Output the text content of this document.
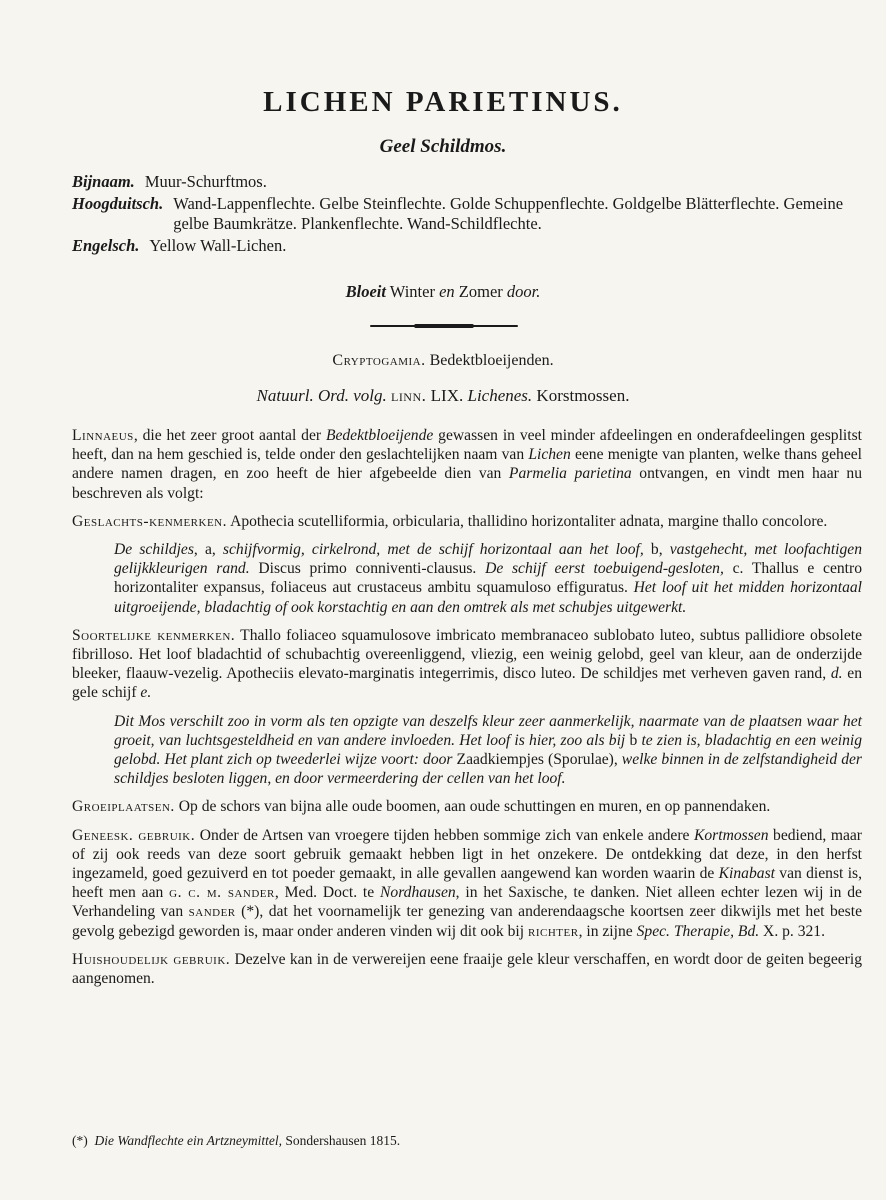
LICHEN PARIETINUS.
Geel Schildmos.
Bijnaam. Muur-Schurftmos.
Hoogduitsch. Wand-Lappenflechte. Gelbe Steinflechte. Golde Schuppenflechte. Goldgelbe Blätterflechte. Gemeine gelbe Baumkrätze. Plankenflechte. Wand-Schildflechte.
Engelsch. Yellow Wall-Lichen.
Bloeit Winter en Zomer door.
Cryptogamia. Bedektbloeijenden.
Natuurl. Ord. volg. linn. LIX. Lichenes. Korstmossen.

Linnaeus, die het zeer groot aantal der Bedektbloeijende gewassen in veel minder afdeelingen en onderafdeelingen gesplitst heeft, dan na hem geschied is, telde onder den geslachtelijken naam van Lichen eene menigte van planten, welke thans geheel andere namen dragen, en zoo heeft de hier afgebeelde dien van Parmelia parietina ontvangen, en vindt men haar nu beschreven als volgt:

Geslachts-kenmerken. Apothecia scutelliformia, orbicularia, thallidino horizontaliter adnata, margine thallo concolore.

De schildjes, a, schijfvormig, cirkelrond, met de schijf horizontaal aan het loof, b, vastgehecht, met loofachtigen gelijkkleurigen rand. Discus primo conniventi-clausus. De schijf eerst toebuigend-gesloten, c. Thallus e centro horizontaliter expansus, foliaceus aut crustaceus ambitu squamuloso effiguratus. Het loof uit het midden horizontaal uitgroeijende, bladachtig of ook korstachtig en aan den omtrek als met schubjes uitgewerkt.

Soortelijke kenmerken. Thallo foliaceo squamulosove imbricato membranaceo sublobato luteo, subtus pallidiore obsolete fibrilloso. Het loof bladachtid of schubachtig overeenliggend, vliezig, een weinig gelobd, geel van kleur, aan de onderzijde bleeker, flaauw-vezelig. Apotheciis elevato-marginatis integerrimis, disco luteo. De schildjes met verheven gaven rand, d. en gele schijf e.

Dit Mos verschilt zoo in vorm als ten opzigte van deszelfs kleur zeer aanmerkelijk, naarmate van de plaatsen waar het groeit, van luchtsgesteldheid en van andere invloeden. Het loof is hier, zoo als bij b te zien is, bladachtig en een weinig gelobd. Het plant zich op tweederlei wijze voort: door Zaadkiempjes (Sporulae), welke binnen in de zelfstandigheid der schildjes besloten liggen, en door vermeerdering der cellen van het loof.

Groeiplaatsen. Op de schors van bijna alle oude boomen, aan oude schuttingen en muren, en op pannendaken.

Geneesk. gebruik. Onder de Artsen van vroegere tijden hebben sommige zich van enkele andere Kortmossen bediend, maar of zij ook reeds van deze soort gebruik gemaakt hebben ligt in het onzekere. De ontdekking dat deze, in den herfst ingezameld, goed gezuiverd en tot poeder gemaakt, in alle gevallen aangewend kan worden waarin de Kinabast van dienst is, heeft men aan g. c. m. sander, Med. Doct. te Nordhausen, in het Saxische, te danken. Niet alleen echter lezen wij in de Verhandeling van sander (*), dat het voornamelijk ter genezing van anderendaagsche koortsen zeer dikwijls met het beste gevolg gebezigd geworden is, maar onder anderen vinden wij dit ook bij richter, in zijne Spec. Therapie, Bd. X. p. 321.

Huishoudelijk gebruik. Dezelve kan in de verwereijen eene fraaije gele kleur verschaffen, en wordt door de geiten begeerig aangenomen.

(*) Die Wandflechte ein Artzneymittel, Sondershausen 1815.
